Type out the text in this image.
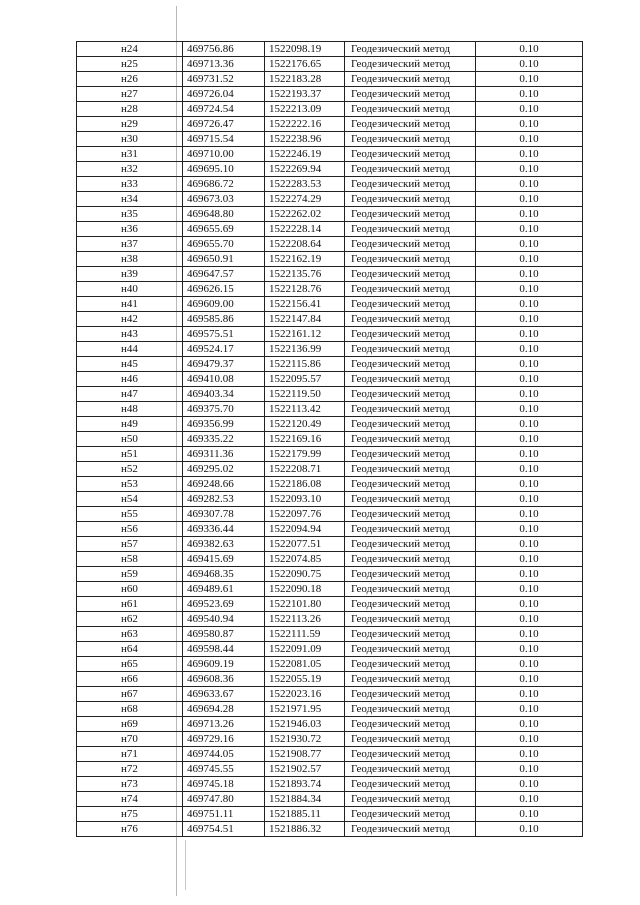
н24	469756.86	1522098.19	Геодезический метод	0.10
н25	469713.36	1522176.65	Геодезический метод	0.10
н26	469731.52	1522183.28	Геодезический метод	0.10
н27	469726.04	1522193.37	Геодезический метод	0.10
н28	469724.54	1522213.09	Геодезический метод	0.10
н29	469726.47	1522222.16	Геодезический метод	0.10
н30	469715.54	1522238.96	Геодезический метод	0.10
н31	469710.00	1522246.19	Геодезический метод	0.10
н32	469695.10	1522269.94	Геодезический метод	0.10
н33	469686.72	1522283.53	Геодезический метод	0.10
н34	469673.03	1522274.29	Геодезический метод	0.10
н35	469648.80	1522262.02	Геодезический метод	0.10
н36	469655.69	1522228.14	Геодезический метод	0.10
н37	469655.70	1522208.64	Геодезический метод	0.10
н38	469650.91	1522162.19	Геодезический метод	0.10
н39	469647.57	1522135.76	Геодезический метод	0.10
н40	469626.15	1522128.76	Геодезический метод	0.10
н41	469609.00	1522156.41	Геодезический метод	0.10
н42	469585.86	1522147.84	Геодезический метод	0.10
н43	469575.51	1522161.12	Геодезический метод	0.10
н44	469524.17	1522136.99	Геодезический метод	0.10
н45	469479.37	1522115.86	Геодезический метод	0.10
н46	469410.08	1522095.57	Геодезический метод	0.10
н47	469403.34	1522119.50	Геодезический метод	0.10
н48	469375.70	1522113.42	Геодезический метод	0.10
н49	469356.99	1522120.49	Геодезический метод	0.10
н50	469335.22	1522169.16	Геодезический метод	0.10
н51	469311.36	1522179.99	Геодезический метод	0.10
н52	469295.02	1522208.71	Геодезический метод	0.10
н53	469248.66	1522186.08	Геодезический метод	0.10
н54	469282.53	1522093.10	Геодезический метод	0.10
н55	469307.78	1522097.76	Геодезический метод	0.10
н56	469336.44	1522094.94	Геодезический метод	0.10
н57	469382.63	1522077.51	Геодезический метод	0.10
н58	469415.69	1522074.85	Геодезический метод	0.10
н59	469468.35	1522090.75	Геодезический метод	0.10
н60	469489.61	1522090.18	Геодезический метод	0.10
н61	469523.69	1522101.80	Геодезический метод	0.10
н62	469540.94	1522113.26	Геодезический метод	0.10
н63	469580.87	1522111.59	Геодезический метод	0.10
н64	469598.44	1522091.09	Геодезический метод	0.10
н65	469609.19	1522081.05	Геодезический метод	0.10
н66	469608.36	1522055.19	Геодезический метод	0.10
н67	469633.67	1522023.16	Геодезический метод	0.10
н68	469694.28	1521971.95	Геодезический метод	0.10
н69	469713.26	1521946.03	Геодезический метод	0.10
н70	469729.16	1521930.72	Геодезический метод	0.10
н71	469744.05	1521908.77	Геодезический метод	0.10
н72	469745.55	1521902.57	Геодезический метод	0.10
н73	469745.18	1521893.74	Геодезический метод	0.10
н74	469747.80	1521884.34	Геодезический метод	0.10
н75	469751.11	1521885.11	Геодезический метод	0.10
н76	469754.51	1521886.32	Геодезический метод	0.10
